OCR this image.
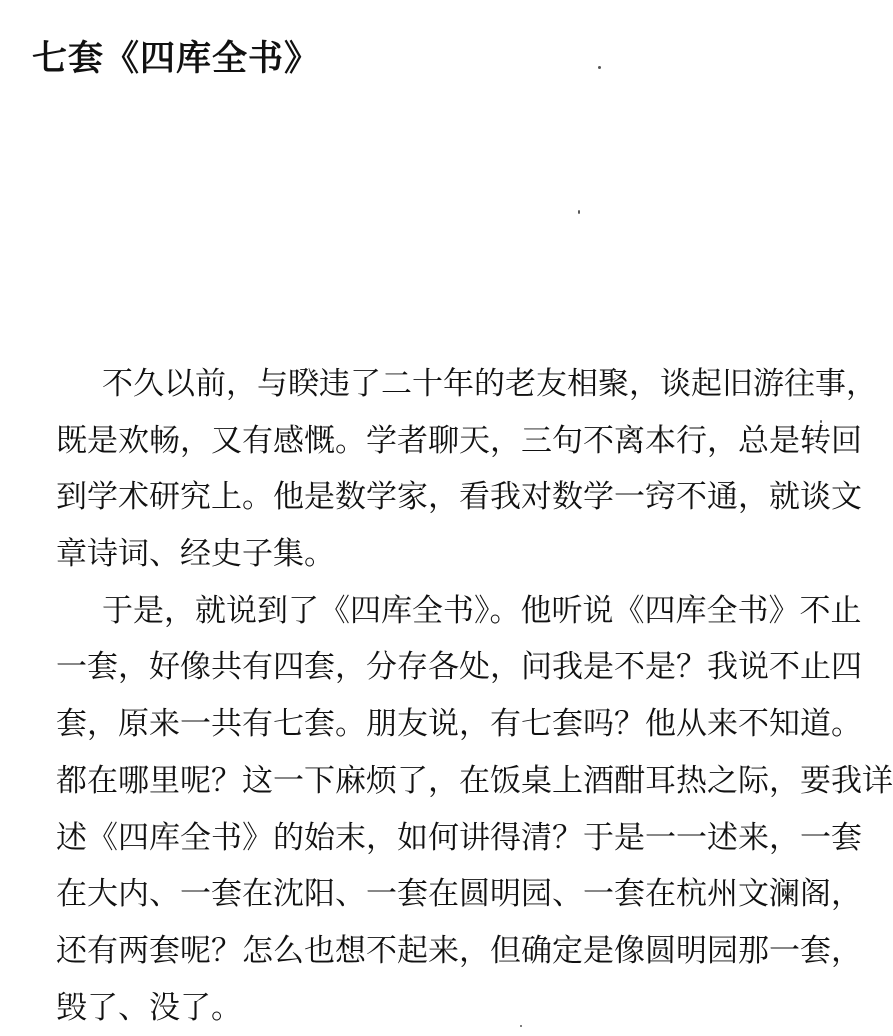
七套《四库全书》
不久以前，与睽违了二十年的老友相聚，谈起旧游往事，
既是欢畅，又有感慨。学者聊天，三句不离本行，总是转回
到学术研究上。他是数学家，看我对数学一窍不通，就谈文
章诗词、经史子集。
于是，就说到了《四库全书》。他听说《四库全书》不止
一套，好像共有四套，分存各处，问我是不是？我说不止四
套，原来一共有七套。朋友说，有七套吗？他从来不知道。
都在哪里呢？这一下麻烦了，在饭桌上酒酣耳热之际，要我详
述《四库全书》的始末，如何讲得清？于是一一述来，一套
在大内、一套在沈阳、一套在圆明园、一套在杭州文澜阁，
还有两套呢？怎么也想不起来，但确定是像圆明园那一套，
毁了、没了。
